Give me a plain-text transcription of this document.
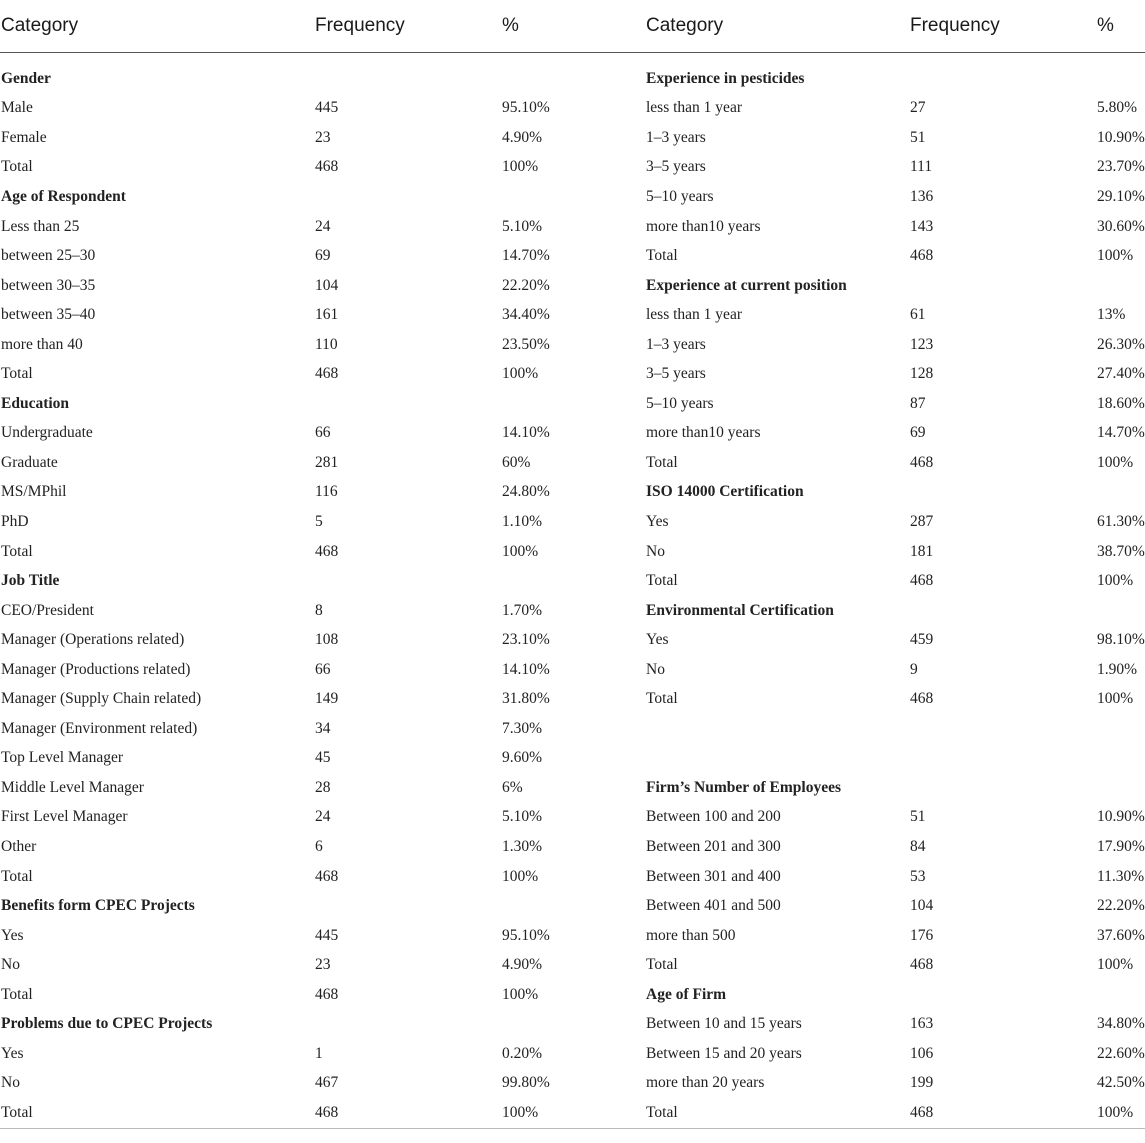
Category	Frequency	%	Category	Frequency	%

Gender			Experience in pesticides		
Male	445	95.10%	less than 1 year	27	5.80%
Female	23	4.90%	1–3 years	51	10.90%
Total	468	100%	3–5 years	111	23.70%
Age of Respondent			5–10 years	136	29.10%
Less than 25	24	5.10%	more than10 years	143	30.60%
between 25–30	69	14.70%	Total	468	100%
between 30–35	104	22.20%	Experience at current position		
between 35–40	161	34.40%	less than 1 year	61	13%
more than 40	110	23.50%	1–3 years	123	26.30%
Total	468	100%	3–5 years	128	27.40%
Education			5–10 years	87	18.60%
Undergraduate	66	14.10%	more than10 years	69	14.70%
Graduate	281	60%	Total	468	100%
MS/MPhil	116	24.80%	ISO 14000 Certification		
PhD	5	1.10%	Yes	287	61.30%
Total	468	100%	No	181	38.70%
Job Title			Total	468	100%
CEO/President	8	1.70%	Environmental Certification		
Manager (Operations related)	108	23.10%	Yes	459	98.10%
Manager (Productions related)	66	14.10%	No	9	1.90%
Manager (Supply Chain related)	149	31.80%	Total	468	100%
Manager (Environment related)	34	7.30%			
Top Level Manager	45	9.60%			
Middle Level Manager	28	6%	Firm’s Number of Employees		
First Level Manager	24	5.10%	Between 100 and 200	51	10.90%
Other	6	1.30%	Between 201 and 300	84	17.90%
Total	468	100%	Between 301 and 400	53	11.30%
Benefits form CPEC Projects			Between 401 and 500	104	22.20%
Yes	445	95.10%	more than 500	176	37.60%
No	23	4.90%	Total	468	100%
Total	468	100%	Age of Firm		
Problems due to CPEC Projects			Between 10 and 15 years	163	34.80%
Yes	1	0.20%	Between 15 and 20 years	106	22.60%
No	467	99.80%	more than 20 years	199	42.50%
Total	468	100%	Total	468	100%
